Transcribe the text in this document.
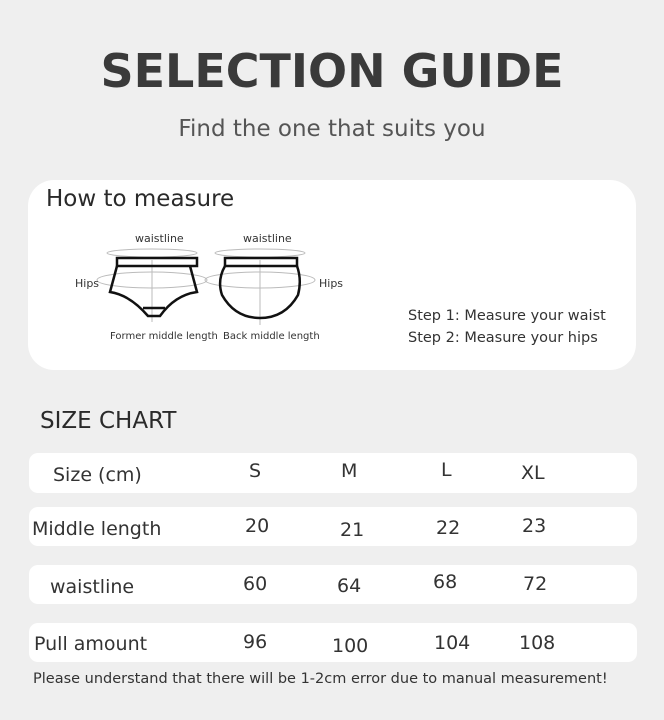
SELECTION GUIDE
Find the one that suits you
How to measure
waistline	waistline
Hips	Hips
Former middle length Back middle length
Step 1: Measure your waist
Step 2: Measure your hips
SIZE CHART
Size (cm)	S	M	L	XL
Middle length	20	21	22	23
waistline	60	64	68	72
Pull amount	96	100	104	108
Please understand that there will be 1-2cm error due to manual measurement!
